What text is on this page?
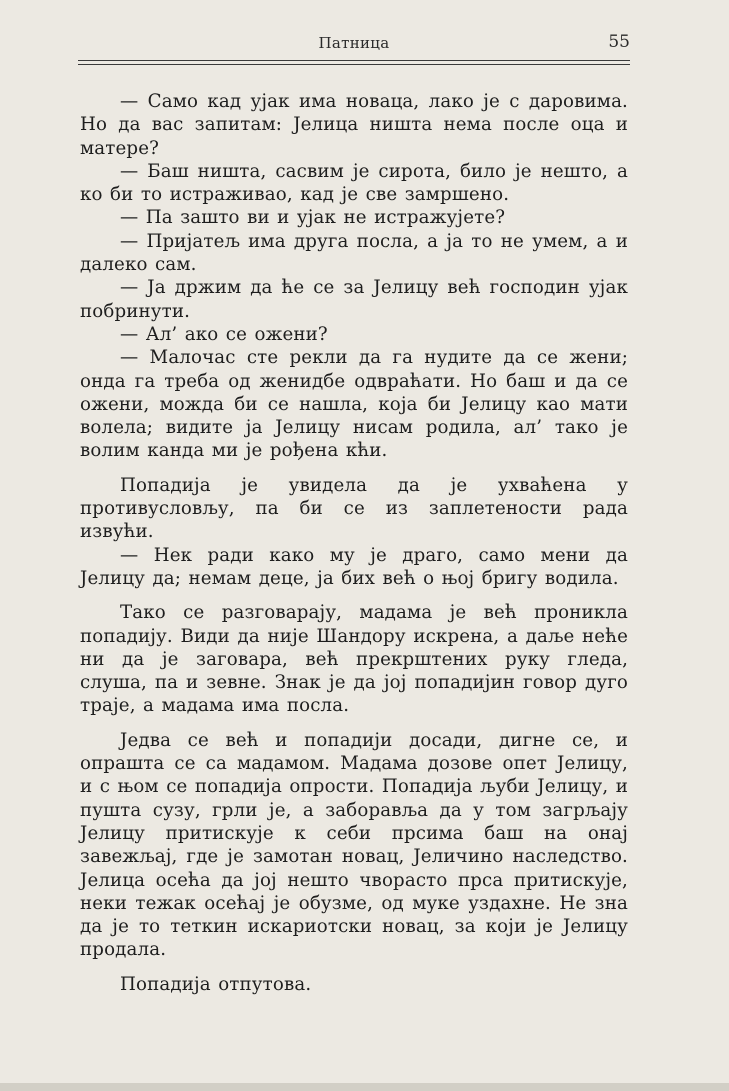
Патница	55

— Само кад ујак има новаца, лако је с даровима. Но да вас запитам: Јелица ништа нема после оца и матере?

— Баш ништа, сасвим је сирота, било је нешто, а ко би то истраживао, кад је све замршено.

— Па зашто ви и ујак не истражујете?

— Пријатељ има друга посла, а ја то не умем, а и далеко сам.

— Ја држим да ће се за Јелицу већ господин ујак побринути.

— Ал’ ако се ожени?

— Малочас сте рекли да га нудите да се жени; онда га треба од женидбе одвраћати. Но баш и да се ожени, можда би се нашла, која би Јелицу као мати волела; видите ја Јелицу нисам родила, ал’ тако је волим канда ми је рођена кћи.

Попадија је увидела да је ухваћена у противусловљу, па би се из заплетености рада извући.

— Нек ради како му је драго, само мени да Јелицу да; немам деце, ја бих већ о њој бригу водила.

Тако се разговарају, мадама је већ проникла попадију. Види да није Шандору искрена, а даље неће ни да је заговара, већ прекрштених руку гледа, слуша, па и зевне. Знак је да јој попадијин говор дуго траје, а мадама има посла.

Једва се већ и попадији досади, дигне се, и опрашта се са мадамом. Мадама дозове опет Јелицу, и с њом се попадија опрости. Попадија љуби Јелицу, и пушта сузу, грли је, а заборавља да у том загрљају Јелицу притискује к себи прсима баш на онај завежљај, где је замотан новац, Јеличино наследство. Јелица осећа да јој нешто чворасто прса притискује, неки тежак осећај је обузме, од муке уздахне. Не зна да је то теткин искариотски новац, за који је Јелицу продала.

Попадија отпутова.
